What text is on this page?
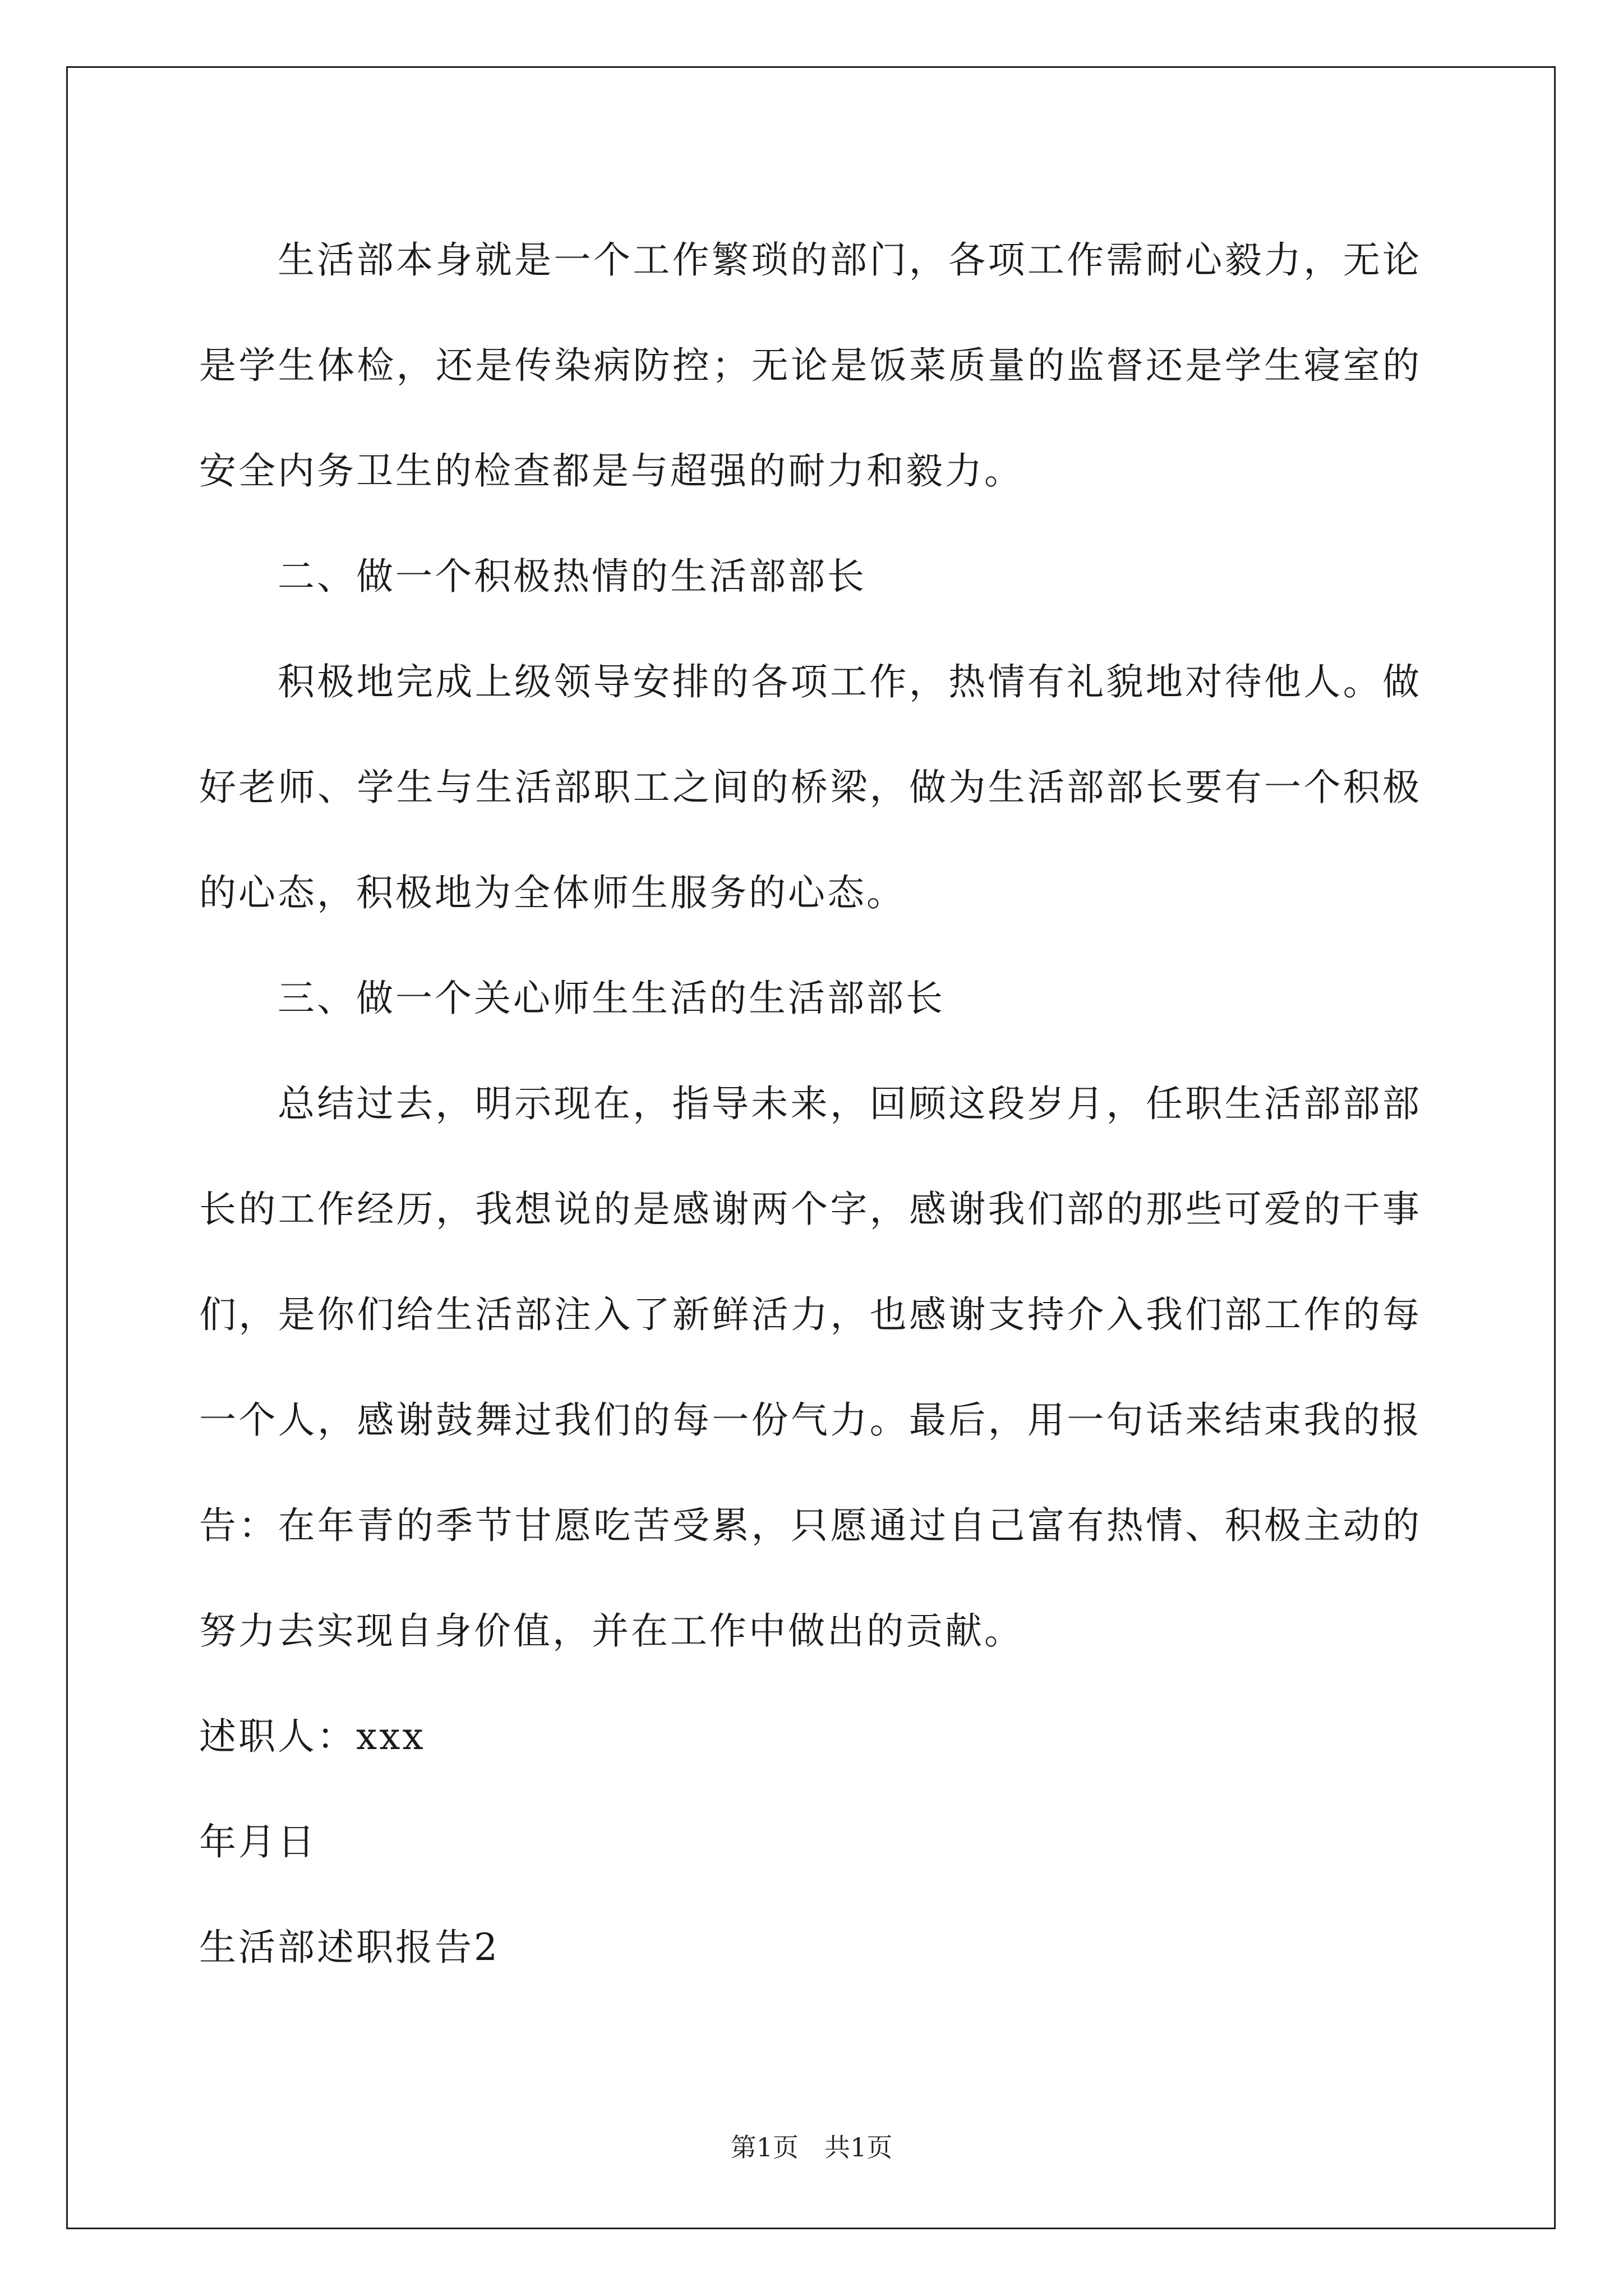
生活部本身就是一个工作繁琐的部门，各项工作需耐心毅力，无论是学生体检，还是传染病防控；无论是饭菜质量的监督还是学生寝室的安全内务卫生的检查都是与超强的耐力和毅力。

二、做一个积极热情的生活部部长

积极地完成上级领导安排的各项工作，热情有礼貌地对待他人。做好老师、学生与生活部职工之间的桥梁，做为生活部部长要有一个积极的心态，积极地为全体师生服务的心态。

三、做一个关心师生生活的生活部部长

总结过去，明示现在，指导未来，回顾这段岁月，任职生活部部部长的工作经历，我想说的是感谢两个字，感谢我们部的那些可爱的干事们，是你们给生活部注入了新鲜活力，也感谢支持介入我们部工作的每一个人，感谢鼓舞过我们的每一份气力。最后，用一句话来结束我的报告：在年青的季节甘愿吃苦受累，只愿通过自己富有热情、积极主动的努力去实现自身价值，并在工作中做出的贡献。

述职人：xxx

年月日

生活部述职报告2

第1页　共1页
